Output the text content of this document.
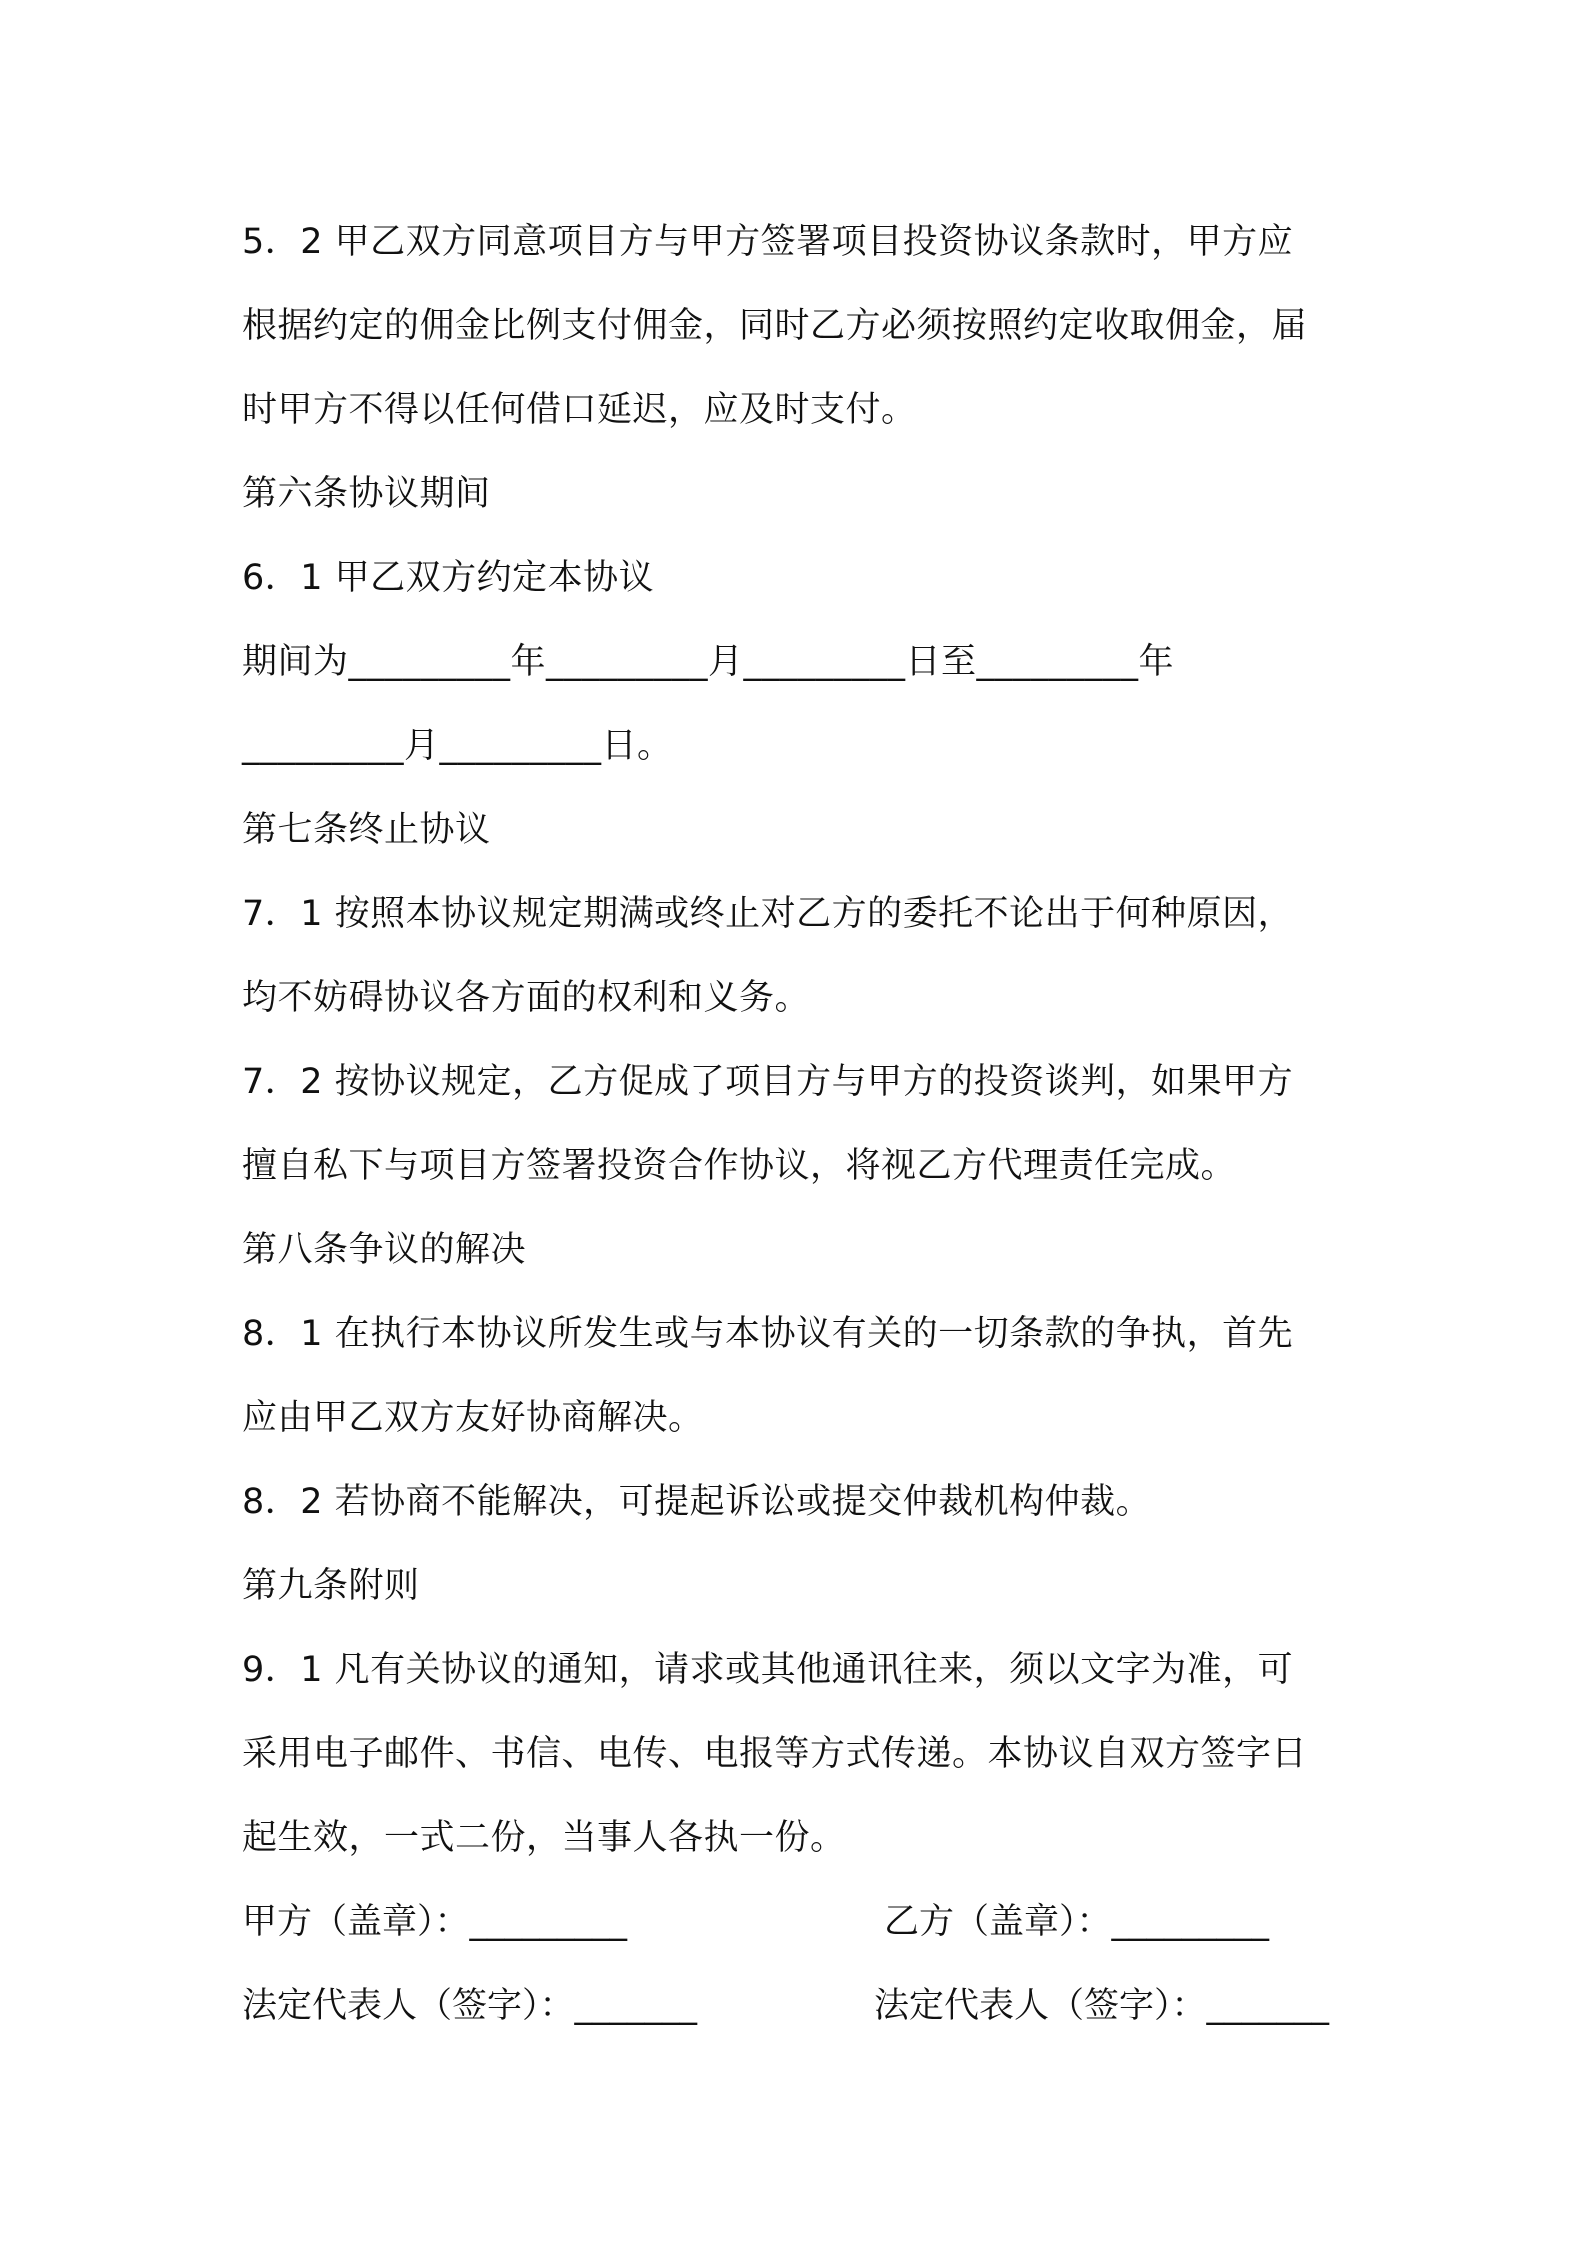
5．2 甲乙双方同意项目方与甲方签署项目投资协议条款时，甲方应
根据约定的佣金比例支付佣金，同时乙方必须按照约定收取佣金，届
时甲方不得以任何借口延迟，应及时支付。
第六条协议期间
6．1 甲乙双方约定本协议
期间为_________年_________月_________日至_________年
_________月_________日。
第七条终止协议
7．1 按照本协议规定期满或终止对乙方的委托不论出于何种原因，
均不妨碍协议各方面的权利和义务。
7．2 按协议规定，乙方促成了项目方与甲方的投资谈判，如果甲方
擅自私下与项目方签署投资合作协议，将视乙方代理责任完成。
第八条争议的解决
8．1 在执行本协议所发生或与本协议有关的一切条款的争执，首先
应由甲乙双方友好协商解决。
8．2 若协商不能解决，可提起诉讼或提交仲裁机构仲裁。
第九条附则
9．1 凡有关协议的通知，请求或其他通讯往来，须以文字为准，可
采用电子邮件、书信、电传、电报等方式传递。本协议自双方签字日
起生效，一式二份，当事人各执一份。
甲方（盖章）：_________	乙方（盖章）：_________
法定代表人（签字）：_______	法定代表人（签字）：_______
